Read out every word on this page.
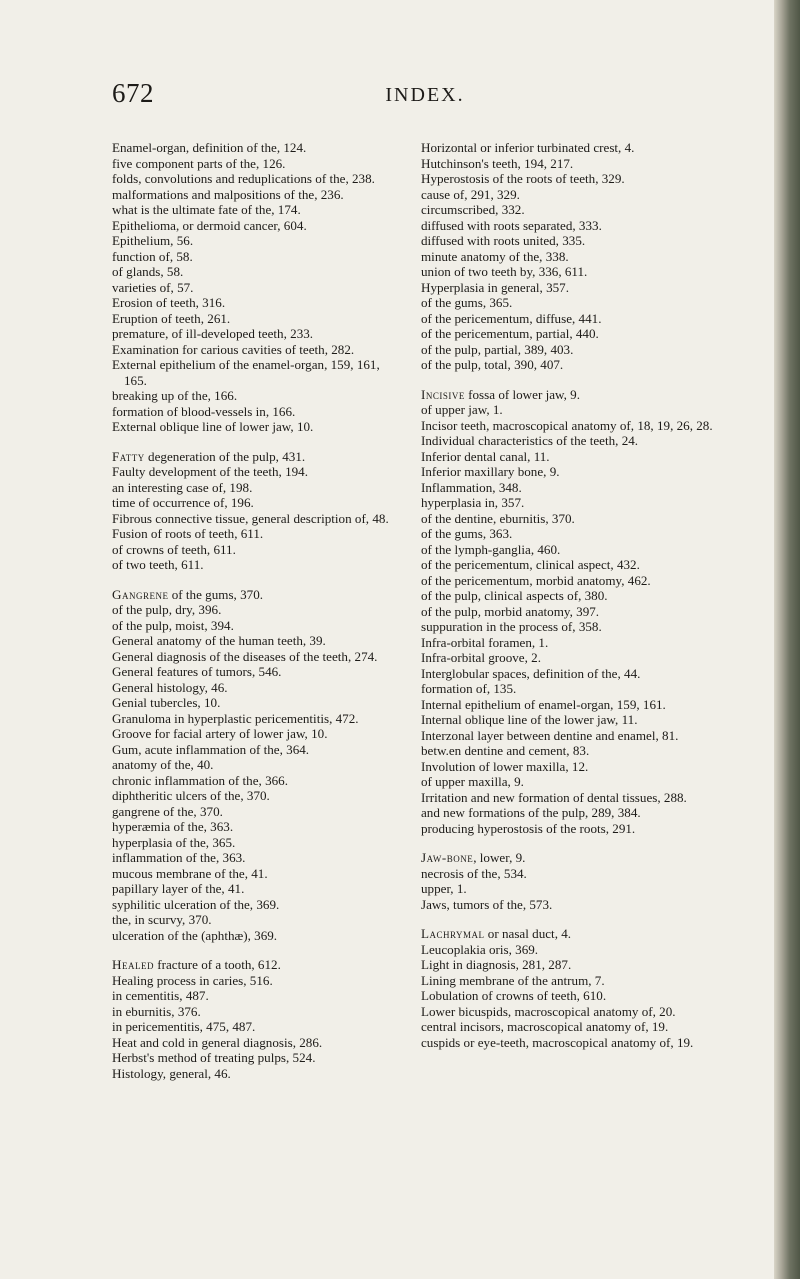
672	INDEX.

Enamel-organ, definition of the, 124.

five component parts of the, 126.

folds, convolutions and reduplications of the, 238.

malformations and malpositions of the, 236.

what is the ultimate fate of the, 174.

Epithelioma, or dermoid cancer, 604.

Epithelium, 56.

function of, 58.

of glands, 58.

varieties of, 57.

Erosion of teeth, 316.

Eruption of teeth, 261.

premature, of ill-developed teeth, 233.

Examination for carious cavities of teeth, 282.

External epithelium of the enamel-organ, 159, 161, 165.

breaking up of the, 166.

formation of blood-vessels in, 166.

External oblique line of lower jaw, 10.

Fatty degeneration of the pulp, 431.

Faulty development of the teeth, 194.

an interesting case of, 198.

time of occurrence of, 196.

Fibrous connective tissue, general description of, 48.

Fusion of roots of teeth, 611.

of crowns of teeth, 611.

of two teeth, 611.

Gangrene of the gums, 370.

of the pulp, dry, 396.

of the pulp, moist, 394.

General anatomy of the human teeth, 39.

General diagnosis of the diseases of the teeth, 274.

General features of tumors, 546.

General histology, 46.

Genial tubercles, 10.

Granuloma in hyperplastic pericementitis, 472.

Groove for facial artery of lower jaw, 10.

Gum, acute inflammation of the, 364.

anatomy of the, 40.

chronic inflammation of the, 366.

diphtheritic ulcers of the, 370.

gangrene of the, 370.

hyperæmia of the, 363.

hyperplasia of the, 365.

inflammation of the, 363.

mucous membrane of the, 41.

papillary layer of the, 41.

syphilitic ulceration of the, 369.

the, in scurvy, 370.

ulceration of the (aphthæ), 369.

Healed fracture of a tooth, 612.

Healing process in caries, 516.

in cementitis, 487.

in eburnitis, 376.

in pericementitis, 475, 487.

Heat and cold in general diagnosis, 286.

Herbst's method of treating pulps, 524.

Histology, general, 46.

Horizontal or inferior turbinated crest, 4.

Hutchinson's teeth, 194, 217.

Hyperostosis of the roots of teeth, 329.

cause of, 291, 329.

circumscribed, 332.

diffused with roots separated, 333.

diffused with roots united, 335.

minute anatomy of the, 338.

union of two teeth by, 336, 611.

Hyperplasia in general, 357.

of the gums, 365.

of the pericementum, diffuse, 441.

of the pericementum, partial, 440.

of the pulp, partial, 389, 403.

of the pulp, total, 390, 407.

Incisive fossa of lower jaw, 9.

of upper jaw, 1.

Incisor teeth, macroscopical anatomy of, 18, 19, 26, 28.

Individual characteristics of the teeth, 24.

Inferior dental canal, 11.

Inferior maxillary bone, 9.

Inflammation, 348.

hyperplasia in, 357.

of the dentine, eburnitis, 370.

of the gums, 363.

of the lymph-ganglia, 460.

of the pericementum, clinical aspect, 432.

of the pericementum, morbid anatomy, 462.

of the pulp, clinical aspects of, 380.

of the pulp, morbid anatomy, 397.

suppuration in the process of, 358.

Infra-orbital foramen, 1.

Infra-orbital groove, 2.

Interglobular spaces, definition of the, 44.

formation of, 135.

Internal epithelium of enamel-organ, 159, 161.

Internal oblique line of the lower jaw, 11.

Interzonal layer between dentine and enamel, 81.

betw.en dentine and cement, 83.

Involution of lower maxilla, 12.

of upper maxilla, 9.

Irritation and new formation of dental tissues, 288.

and new formations of the pulp, 289, 384.

producing hyperostosis of the roots, 291.

Jaw-bone, lower, 9.

necrosis of the, 534.

upper, 1.

Jaws, tumors of the, 573.

Lachrymal or nasal duct, 4.

Leucoplakia oris, 369.

Light in diagnosis, 281, 287.

Lining membrane of the antrum, 7.

Lobulation of crowns of teeth, 610.

Lower bicuspids, macroscopical anatomy of, 20.

central incisors, macroscopical anatomy of, 19.

cuspids or eye-teeth, macroscopical anatomy of, 19.
